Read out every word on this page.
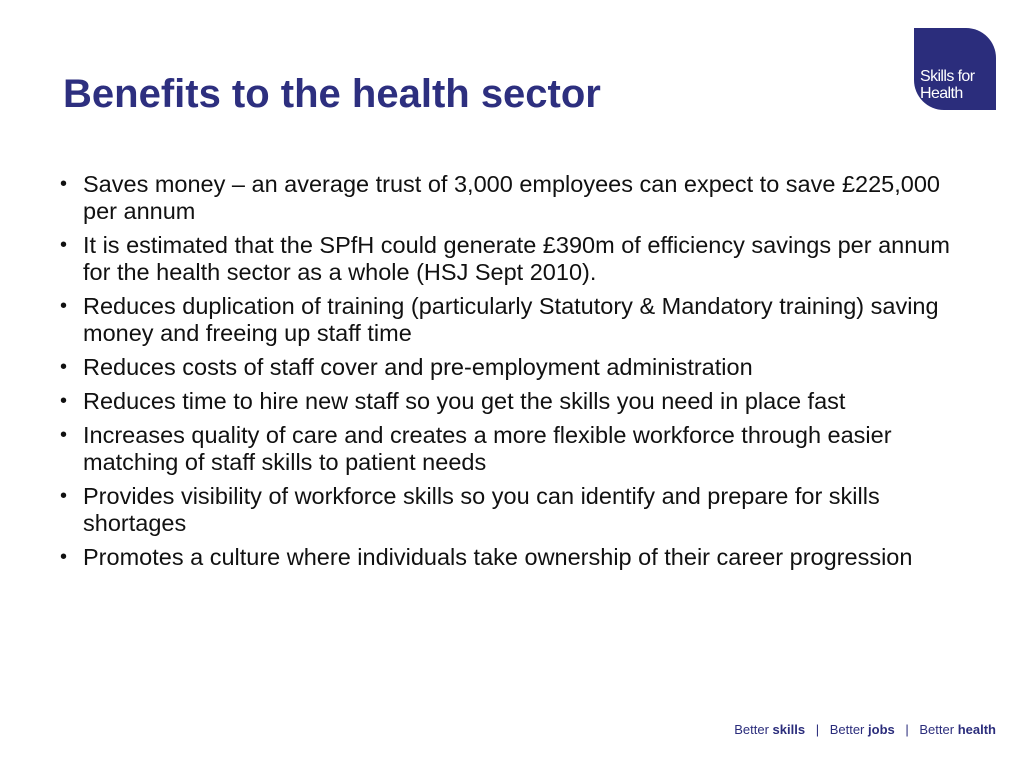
Benefits to the health sector	Skills for
Health
• Saves money – an average trust of 3,000 employees can expect to save £225,000 per annum
• It is estimated that the SPfH could generate £390m of efficiency savings per annum for the health sector as a whole (HSJ Sept 2010).
• Reduces duplication of training (particularly Statutory & Mandatory training) saving money and freeing up staff time
• Reduces costs of staff cover and pre-employment administration
• Reduces time to hire new staff so you get the skills you need in place fast
• Increases quality of care and creates a more flexible workforce through easier matching of staff skills to patient needs
• Provides visibility of workforce skills so you can identify and prepare for skills shortages
• Promotes a culture where individuals take ownership of their career progression
Better skills | Better jobs | Better health
